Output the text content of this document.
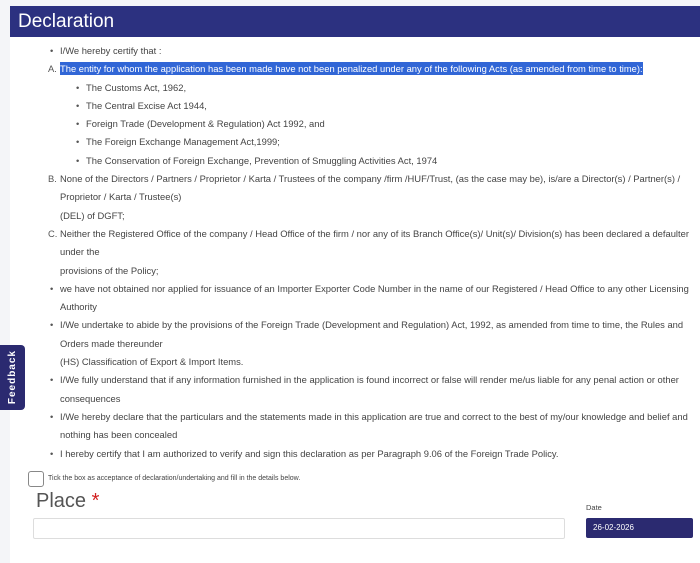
Declaration
• I/We hereby certify that :
A. The entity for whom the application has been made have not been penalized under any of the following Acts (as amended from time to time):
• The Customs Act, 1962,
• The Central Excise Act 1944,
• Foreign Trade (Development & Regulation) Act 1992, and
• The Foreign Exchange Management Act,1999;
• The Conservation of Foreign Exchange, Prevention of Smuggling Activities Act, 1974
B. None of the Directors / Partners / Proprietor / Karta / Trustees of the company /firm /HUF/Trust, (as the case may be), is/are a Director(s) / Partner(s) / Proprietor / Karta / Trustee(s)
(DEL) of DGFT;
C. Neither the Registered Office of the company / Head Office of the firm / nor any of its Branch Office(s)/ Unit(s)/ Division(s) has been declared a defaulter under the
provisions of the Policy;
• we have not obtained nor applied for issuance of an Importer Exporter Code Number in the name of our Registered / Head Office to any other Licensing Authority
• I/We undertake to abide by the provisions of the Foreign Trade (Development and Regulation) Act, 1992, as amended from time to time, the Rules and Orders made thereunder
(HS) Classification of Export & Import Items.
• I/We fully understand that if any information furnished in the application is found incorrect or false will render me/us liable for any penal action or other consequences
• I/We hereby declare that the particulars and the statements made in this application are true and correct to the best of my/our knowledge and belief and nothing has been concealed
• I hereby certify that I am authorized to verify and sign this declaration as per Paragraph 9.06 of the Foreign Trade Policy.
Tick the box as acceptance of declaration/undertaking and fill in the details below.
Place *	Date
26-02-2026
Feedback
